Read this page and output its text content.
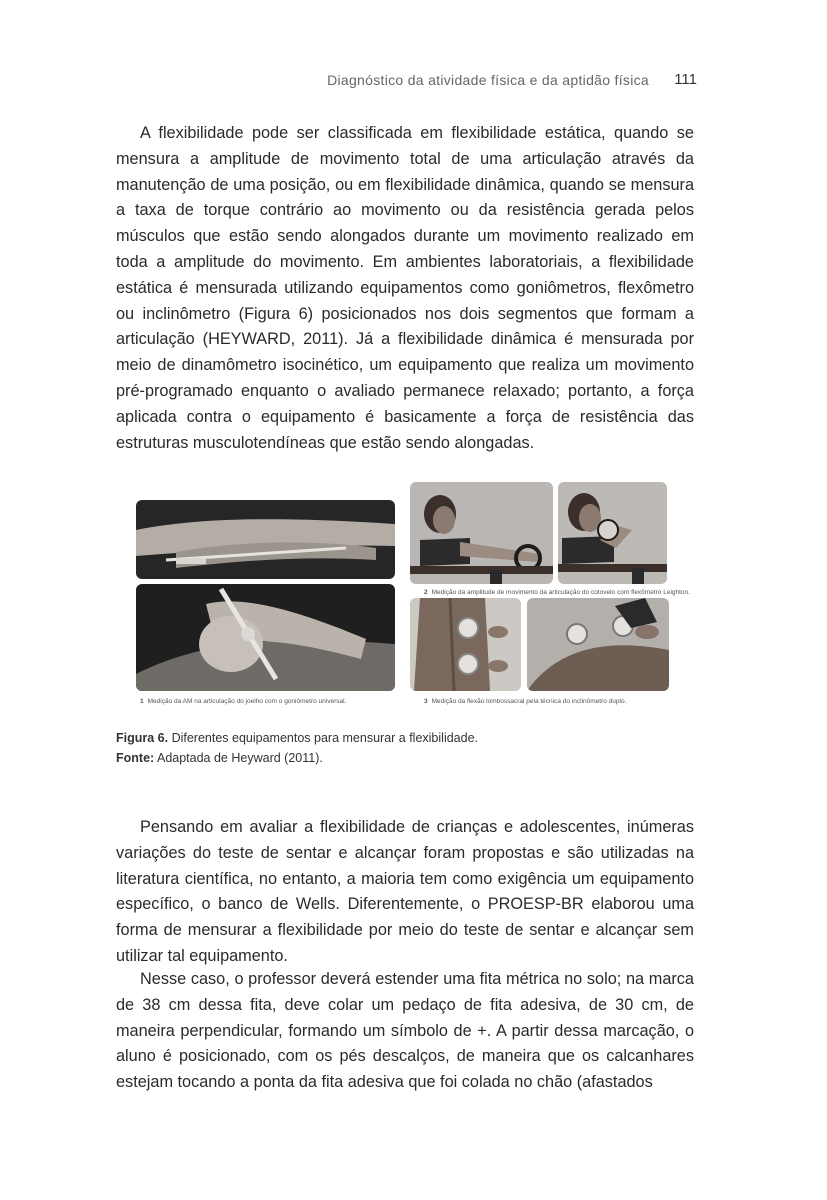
Diagnóstico da atividade física e da aptidão física	111

A flexibilidade pode ser classificada em flexibilidade estática, quando se mensura a amplitude de movimento total de uma articulação através da manutenção de uma posição, ou em flexibilidade dinâmica, quando se mensura a taxa de torque contrário ao movimento ou da resistência gerada pelos músculos que estão sendo alongados durante um movimento realizado em toda a amplitude do movimento. Em ambientes laboratoriais, a flexibilidade estática é mensurada utilizando equipamentos como goniômetros, flexômetro ou inclinômetro (Figura 6) posicionados nos dois segmentos que formam a articulação (HEYWARD, 2011). Já a flexibilidade dinâmica é mensurada por meio de dinamômetro isocinético, um equipamento que realiza um movimento pré-programado enquanto o avaliado permanece relaxado; portanto, a força aplicada contra o equipamento é basicamente a força de resistência das estruturas musculotendíneas que estão sendo alongadas.

1 Medição da AM na articulação do joelho com o goniômetro universal.
2 Medição da amplitude de movimento da articulação do cotovelo com flexômetro Leighton.
3 Medição da flexão lombossacral pela técnica do inclinômetro duplo.
Figura 6. Diferentes equipamentos para mensurar a flexibilidade.
Fonte: Adaptada de Heyward (2011).

Pensando em avaliar a flexibilidade de crianças e adolescentes, inúmeras variações do teste de sentar e alcançar foram propostas e são utilizadas na literatura científica, no entanto, a maioria tem como exigência um equipamento específico, o banco de Wells. Diferentemente, o PROESP-BR elaborou uma forma de mensurar a flexibilidade por meio do teste de sentar e alcançar sem utilizar tal equipamento.

Nesse caso, o professor deverá estender uma fita métrica no solo; na marca de 38 cm dessa fita, deve colar um pedaço de fita adesiva, de 30 cm, de maneira perpendicular, formando um símbolo de +. A partir dessa marcação, o aluno é posicionado, com os pés descalços, de maneira que os calcanhares estejam tocando a ponta da fita adesiva que foi colada no chão (afastados
